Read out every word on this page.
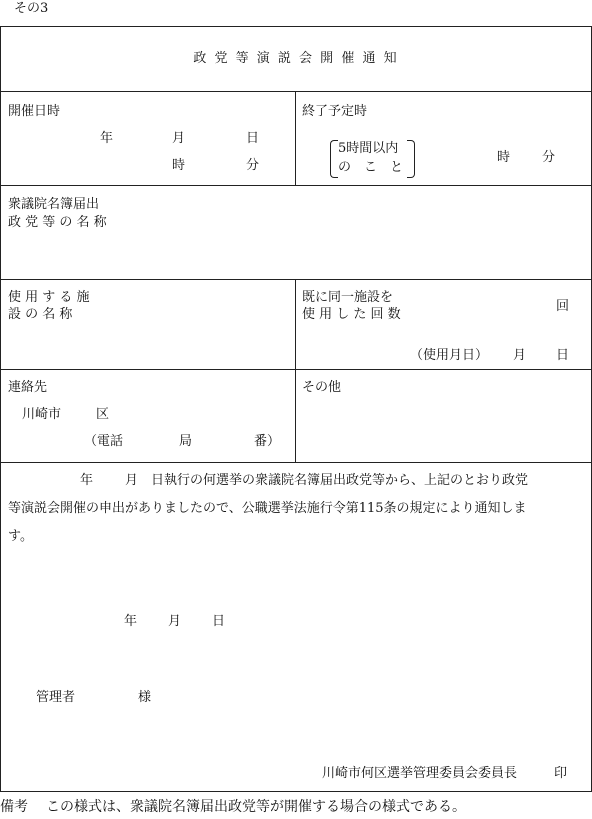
その3
政 党 等 演 説 会 開 催 通 知
開催日時
年	月	日
時	分
終了予定時
5時間以内
の　こ　と
時 分
衆議院名簿届出
政 党 等 の 名 称
使 用 す る 施
設 の 名 称
既に同一施設を
使 用 し た 回 数
回
（使用月日） 月 日
連絡先
川崎市	区
（電話	局	番）
その他
年 月 日執行の何選挙の衆議院名簿届出政党等から、上記のとおり政党
等演説会開催の申出がありましたので、公職選挙法施行令第115条の規定により通知しま
す。
年 月 日
管理者	様
川崎市何区選挙管理委員会委員長	印
備考 この様式は、衆議院名簿届出政党等が開催する場合の様式である。
